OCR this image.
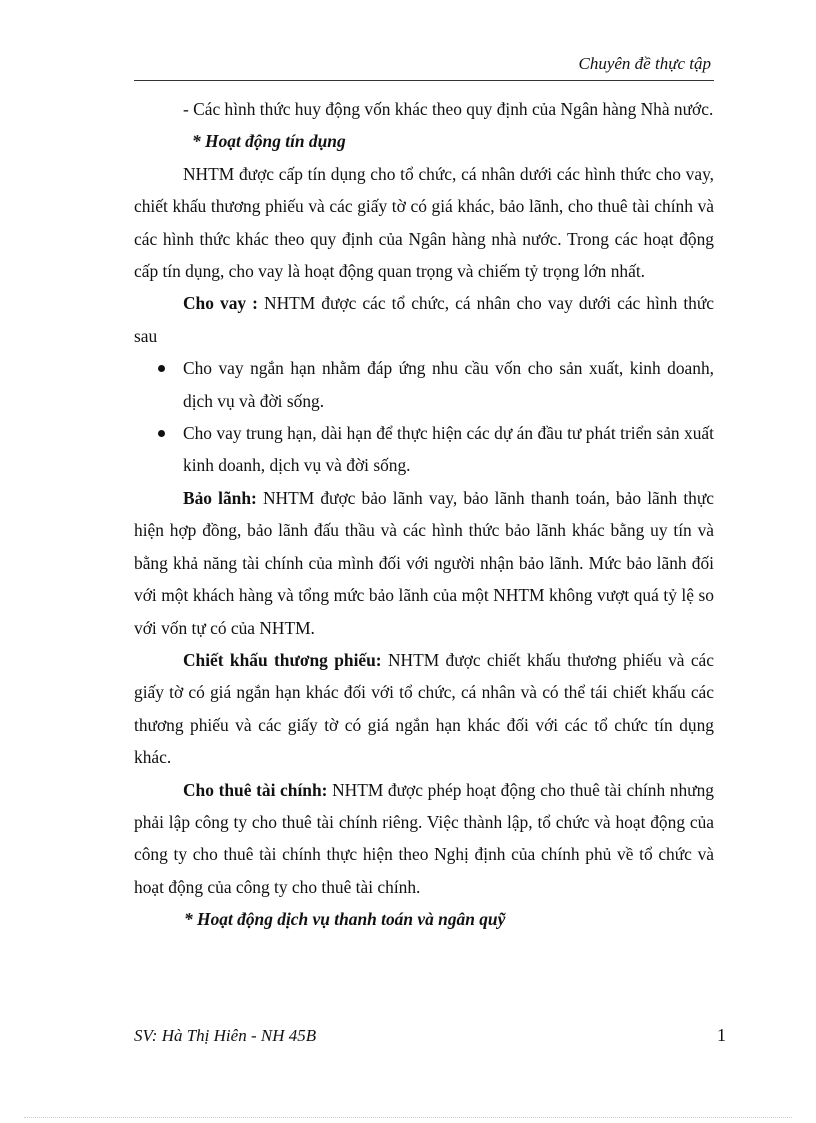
Chuyên đề thực tập

- Các hình thức huy động vốn khác theo quy định của Ngân hàng Nhà nước.

* Hoạt động tín dụng

NHTM được cấp tín dụng cho tổ chức, cá nhân dưới các hình thức cho vay, chiết khấu thương phiếu và các giấy tờ có giá khác, bảo lãnh, cho thuê tài chính và các hình thức khác theo quy định của Ngân hàng nhà nước. Trong các hoạt động cấp tín dụng, cho vay là hoạt động quan trọng và chiếm tỷ trọng lớn nhất.

Cho vay : NHTM được các tổ chức, cá nhân cho vay dưới các hình thức sau

Cho vay ngắn hạn nhằm đáp ứng nhu cầu vốn cho sản xuất, kinh doanh, dịch vụ và đời sống.
Cho vay trung hạn, dài hạn để thực hiện các dự án đầu tư phát triển sản xuất kinh doanh, dịch vụ và đời sống.

Bảo lãnh: NHTM được bảo lãnh vay, bảo lãnh thanh toán, bảo lãnh thực hiện hợp đồng, bảo lãnh đấu thầu và các hình thức bảo lãnh khác bằng uy tín và bằng khả năng tài chính của mình đối với người nhận bảo lãnh. Mức bảo lãnh đối với một khách hàng và tổng mức bảo lãnh của một NHTM không vượt quá tỷ lệ so với vốn tự có của NHTM.

Chiết khấu thương phiếu: NHTM được chiết khấu thương phiếu và các giấy tờ có giá ngắn hạn khác đối với tổ chức, cá nhân và có thể tái chiết khấu các thương phiếu và các giấy tờ có giá ngắn hạn khác đối với các tổ chức tín dụng khác.

Cho thuê tài chính: NHTM được phép hoạt động cho thuê tài chính nhưng phải lập công ty cho thuê tài chính riêng. Việc thành lập, tổ chức và hoạt động của công ty cho thuê tài chính thực hiện theo Nghị định của chính phủ về tổ chức và hoạt động của công ty cho thuê tài chính.

* Hoạt động dịch vụ thanh toán và ngân quỹ

SV: Hà Thị Hiên - NH 45B	1
